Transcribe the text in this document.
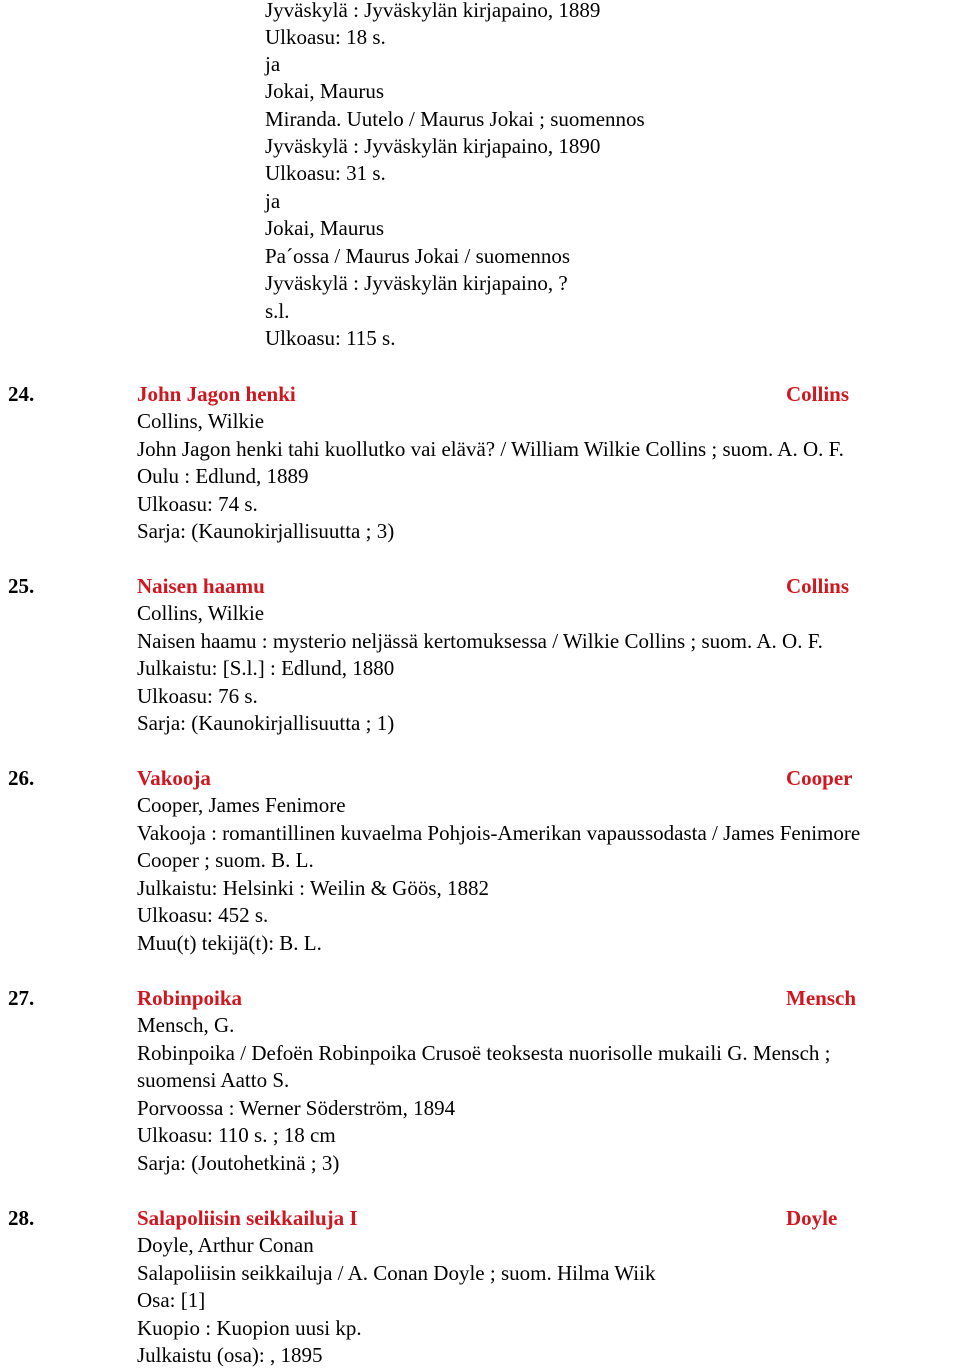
Jyväskylä : Jyväskylän kirjapaino, 1889
Ulkoasu: 18 s.
ja
Jokai, Maurus
Miranda. Uutelo / Maurus Jokai ; suomennos
Jyväskylä : Jyväskylän kirjapaino, 1890
Ulkoasu: 31 s.
ja
Jokai, Maurus
Pa´ossa / Maurus Jokai / suomennos
Jyväskylä : Jyväskylän kirjapaino, ?
s.l.
Ulkoasu: 115 s.
24.	John Jagon henki	Collins
Collins, Wilkie
John Jagon henki tahi kuollutko vai elävä? / William Wilkie Collins ; suom. A. O. F.
Oulu : Edlund, 1889
Ulkoasu: 74 s.
Sarja: (Kaunokirjallisuutta ; 3)
25.	Naisen haamu	Collins
Collins, Wilkie
Naisen haamu : mysterio neljässä kertomuksessa / Wilkie Collins ; suom. A. O. F.
Julkaistu: [S.l.] : Edlund, 1880
Ulkoasu: 76 s.
Sarja: (Kaunokirjallisuutta ; 1)
26.	Vakooja	Cooper
Cooper, James Fenimore
Vakooja : romantillinen kuvaelma Pohjois-Amerikan vapaussodasta / James Fenimore
Cooper ; suom. B. L.
Julkaistu: Helsinki : Weilin & Göös, 1882
Ulkoasu: 452 s.
Muu(t) tekijä(t): B. L.
27.	Robinpoika	Mensch
Mensch, G.
Robinpoika / Defoën Robinpoika Crusoë teoksesta nuorisolle mukaili G. Mensch ;
suomensi Aatto S.
Porvoossa : Werner Söderström, 1894
Ulkoasu: 110 s. ; 18 cm
Sarja: (Joutohetkinä ; 3)
28.	Salapoliisin seikkailuja I	Doyle
Doyle, Arthur Conan
Salapoliisin seikkailuja / A. Conan Doyle ; suom. Hilma Wiik
Osa: [1]
Kuopio : Kuopion uusi kp.
Julkaistu (osa): , 1895
